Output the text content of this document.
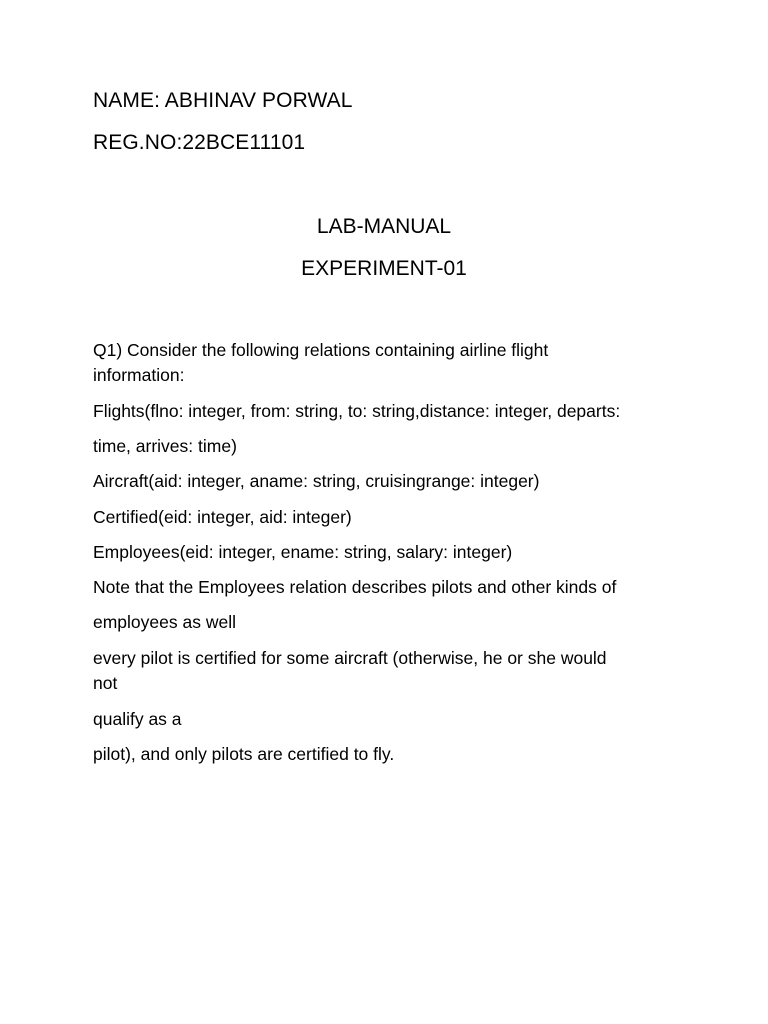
NAME: ABHINAV PORWAL
REG.NO:22BCE11101
LAB-MANUAL
EXPERIMENT-01
Q1) Consider the following relations containing airline flight
information:
Flights(flno: integer, from: string, to: string,distance: integer, departs:
time, arrives: time)
Aircraft(aid: integer, aname: string, cruisingrange: integer)
Certified(eid: integer, aid: integer)
Employees(eid: integer, ename: string, salary: integer)
Note that the Employees relation describes pilots and other kinds of
employees as well
every pilot is certified for some aircraft (otherwise, he or she would
not
qualify as a
pilot), and only pilots are certified to fly.
